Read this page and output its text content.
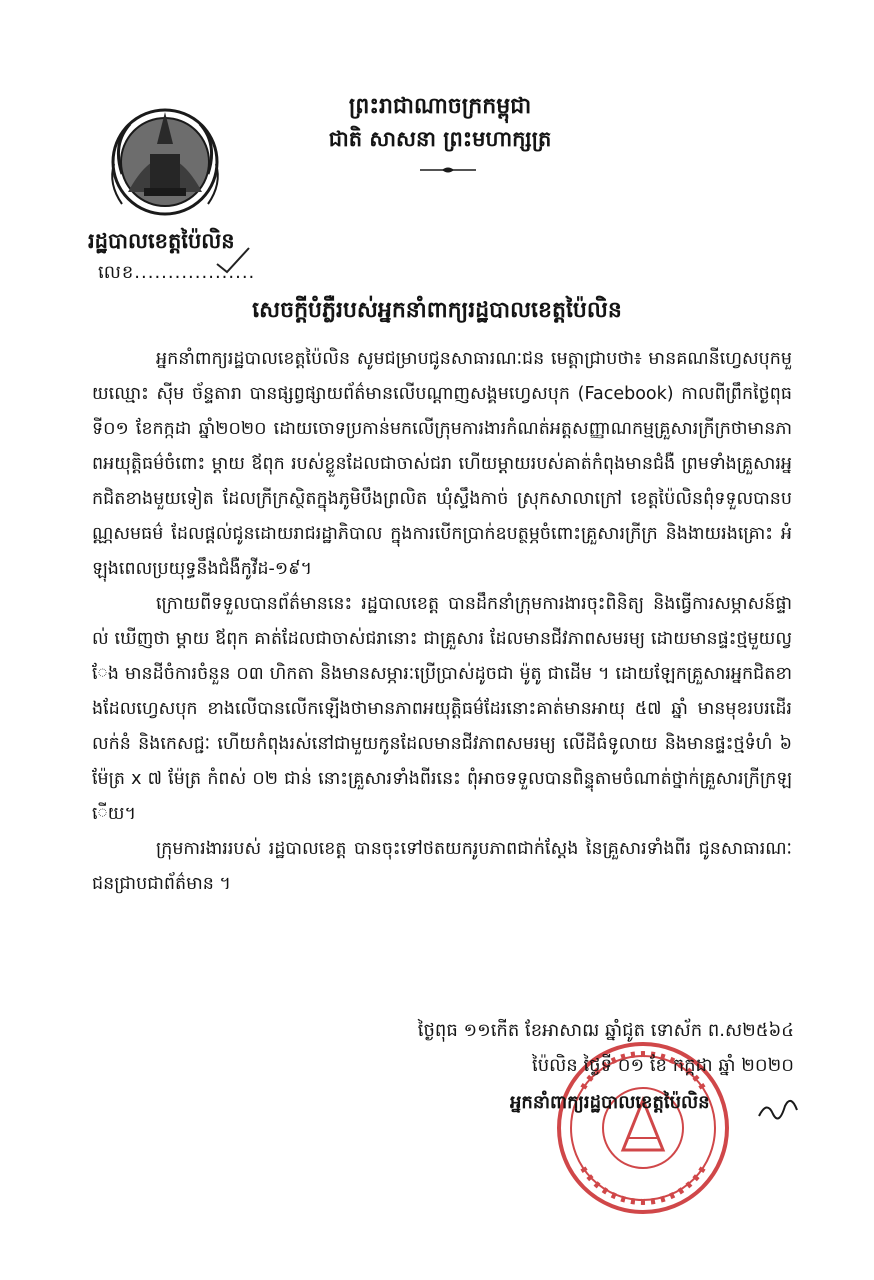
រដ្ឋបាលខេត្តប៉ៃលិន
លេខ..................
ព្រះរាជាណាចក្រកម្ពុជា
ជាតិ សាសនា ព្រះមហាក្សត្រ
សេចក្តីបំភ្លឺរបស់អ្នកនាំពាក្យរដ្ឋបាលខេត្តប៉ៃលិន

អ្នកនាំពាក្យរដ្ឋបាលខេត្តប៉ៃលិន សូមជម្រាបជូនសាធារណៈជន មេត្តាជ្រាបថា៖ មានគណនីហ្វេសបុកមួយឈ្មោះ ស៊ីម ច័ន្ទតារា បានផ្សព្វផ្សាយព័ត៌មានលើបណ្តាញសង្គមហ្វេសបុក (Facebook) កាលពីព្រឹកថ្ងៃពុធ ទី០១ ខែកក្កដា ឆ្នាំ២០២០ ដោយចោទប្រកាន់មកលើក្រុមការងារកំណត់អត្តសញ្ញាណកម្មគ្រួសារក្រីក្រថាមានភាពអយុត្តិធម៌ចំពោះ ម្តាយ ឪពុក របស់ខ្លួនដែលជាចាស់ជរា ហើយម្តាយរបស់គាត់កំពុងមានជំងឺ ព្រមទាំងគ្រួសារអ្នកជិតខាងមួយទៀត ដែលក្រីក្រស្ថិតក្នុងភូមិបឹងព្រលិត ឃុំស្ទឹងកាច់ ស្រុកសាលាក្រៅ ខេត្តប៉ៃលិនពុំទទួលបានបណ្ណសមធម៌ ដែលផ្តល់ជូនដោយរាជរដ្ឋាភិបាល ក្នុងការបើកប្រាក់ឧបត្ថម្ភចំពោះគ្រួសារក្រីក្រ និងងាយរងគ្រោះ អំឡុងពេលប្រយុទ្ធនឹងជំងឺកូវីដ-១៩។

ក្រោយពីទទួលបានព័ត៌មាននេះ រដ្ឋបាលខេត្ត បានដឹកនាំក្រុមការងារចុះពិនិត្យ និងធ្វើការសម្ភាសន៍ផ្ទាល់ ឃើញថា ម្តាយ ឪពុក គាត់ដែលជាចាស់ជរានោះ ជាគ្រួសារ ដែលមានជីវភាពសមរម្យ ដោយមានផ្ទះថ្មមួយល្វែង មានដីចំការចំនួន ០៣ ហិកតា និងមានសម្ភារៈប្រើប្រាស់ដូចជា ម៉ូតូ ជាដើម ។ ដោយឡែកគ្រួសារអ្នកជិតខាងដែលហ្វេសបុក ខាងលើបានលើកឡើងថាមានភាពអយុត្តិធម៌ដែរនោះគាត់មានអាយុ ៥៧ ឆ្នាំ មានមុខរបរដើរលក់នំ និងកេសជ្ជៈ ហើយកំពុងរស់នៅជាមួយកូនដែលមានជីវភាពសមរម្យ លើដីធំទូលាយ និងមានផ្ទះថ្មទំហំ ៦ ម៉ែត្រ x ៧ ម៉ែត្រ កំពស់ ០២ ជាន់ នោះគ្រួសារទាំងពីរនេះ ពុំអាចទទួលបានពិន្ទុតាមចំណាត់ថ្នាក់គ្រួសារក្រីក្រឡើយ។

ក្រុមការងាររបស់ រដ្ឋបាលខេត្ត បានចុះទៅថតយករូបភាពជាក់ស្តែង នៃគ្រួសារទាំងពីរ ជូនសាធារណៈជនជ្រាបជាព័ត៌មាន ។

ថ្ងៃពុធ ១១កើត ខែអាសាឍ ឆ្នាំជូត ទោស័ក ព.ស២៥៦៤
ប៉ៃលិន ថ្ងៃទី ០១ ខែ កក្កដា ឆ្នាំ ២០២០
អ្នកនាំពាក្យរដ្ឋបាលខេត្តប៉ៃលិន
